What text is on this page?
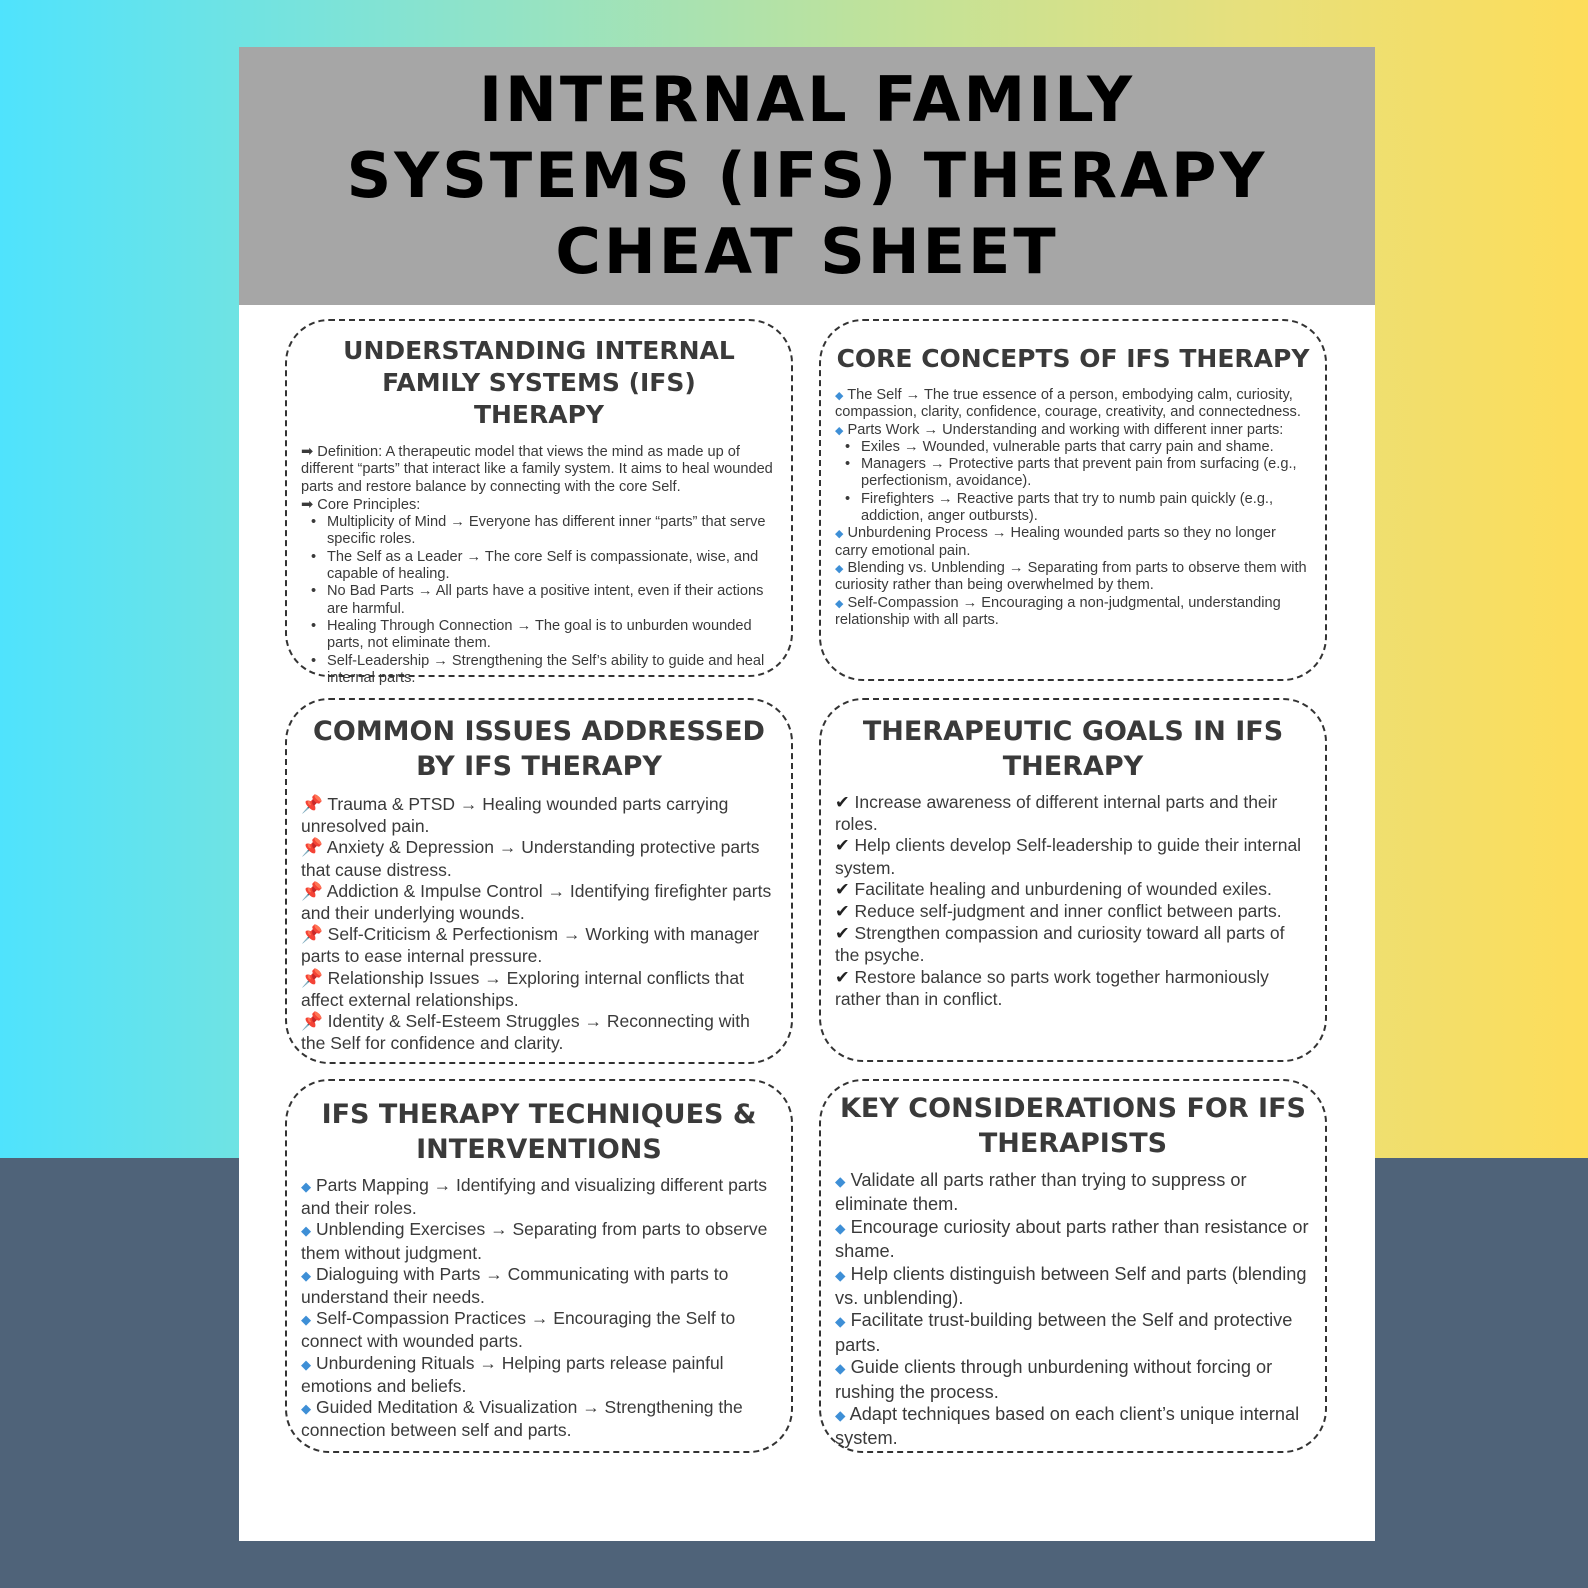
INTERNAL FAMILY
SYSTEMS (IFS) THERAPY
CHEAT SHEET
UNDERSTANDING INTERNAL FAMILY SYSTEMS (IFS) THERAPY
➡ Definition: A therapeutic model that views the mind as made up of different “parts” that interact like a family system. It aims to heal wounded parts and restore balance by connecting with the core Self.
➡ Core Principles:
• Multiplicity of Mind → Everyone has different inner “parts” that serve specific roles.
• The Self as a Leader → The core Self is compassionate, wise, and capable of healing.
• No Bad Parts → All parts have a positive intent, even if their actions are harmful.
• Healing Through Connection → The goal is to unburden wounded parts, not eliminate them.
• Self-Leadership → Strengthening the Self’s ability to guide and heal internal parts.
CORE CONCEPTS OF IFS THERAPY
◆ The Self → The true essence of a person, embodying calm, curiosity, compassion, clarity, confidence, courage, creativity, and connectedness.
◆ Parts Work → Understanding and working with different inner parts:
• Exiles → Wounded, vulnerable parts that carry pain and shame.
• Managers → Protective parts that prevent pain from surfacing (e.g., perfectionism, avoidance).
• Firefighters → Reactive parts that try to numb pain quickly (e.g., addiction, anger outbursts).
◆ Unburdening Process → Healing wounded parts so they no longer carry emotional pain.
◆ Blending vs. Unblending → Separating from parts to observe them with curiosity rather than being overwhelmed by them.
◆ Self-Compassion → Encouraging a non-judgmental, understanding relationship with all parts.
COMMON ISSUES ADDRESSED BY IFS THERAPY
📌 Trauma & PTSD → Healing wounded parts carrying unresolved pain.
📌 Anxiety & Depression → Understanding protective parts that cause distress.
📌 Addiction & Impulse Control → Identifying firefighter parts and their underlying wounds.
📌 Self-Criticism & Perfectionism → Working with manager parts to ease internal pressure.
📌 Relationship Issues → Exploring internal conflicts that affect external relationships.
📌 Identity & Self-Esteem Struggles → Reconnecting with the Self for confidence and clarity.
THERAPEUTIC GOALS IN IFS THERAPY
✔ Increase awareness of different internal parts and their roles.
✔ Help clients develop Self-leadership to guide their internal system.
✔ Facilitate healing and unburdening of wounded exiles.
✔ Reduce self-judgment and inner conflict between parts.
✔ Strengthen compassion and curiosity toward all parts of the psyche.
✔ Restore balance so parts work together harmoniously rather than in conflict.
IFS THERAPY TECHNIQUES & INTERVENTIONS
◆ Parts Mapping → Identifying and visualizing different parts and their roles.
◆ Unblending Exercises → Separating from parts to observe them without judgment.
◆ Dialoguing with Parts → Communicating with parts to understand their needs.
◆ Self-Compassion Practices → Encouraging the Self to connect with wounded parts.
◆ Unburdening Rituals → Helping parts release painful emotions and beliefs.
◆ Guided Meditation & Visualization → Strengthening the connection between self and parts.
KEY CONSIDERATIONS FOR IFS THERAPISTS
◆ Validate all parts rather than trying to suppress or eliminate them.
◆ Encourage curiosity about parts rather than resistance or shame.
◆ Help clients distinguish between Self and parts (blending vs. unblending).
◆ Facilitate trust-building between the Self and protective parts.
◆ Guide clients through unburdening without forcing or rushing the process.
◆ Adapt techniques based on each client’s unique internal system.
